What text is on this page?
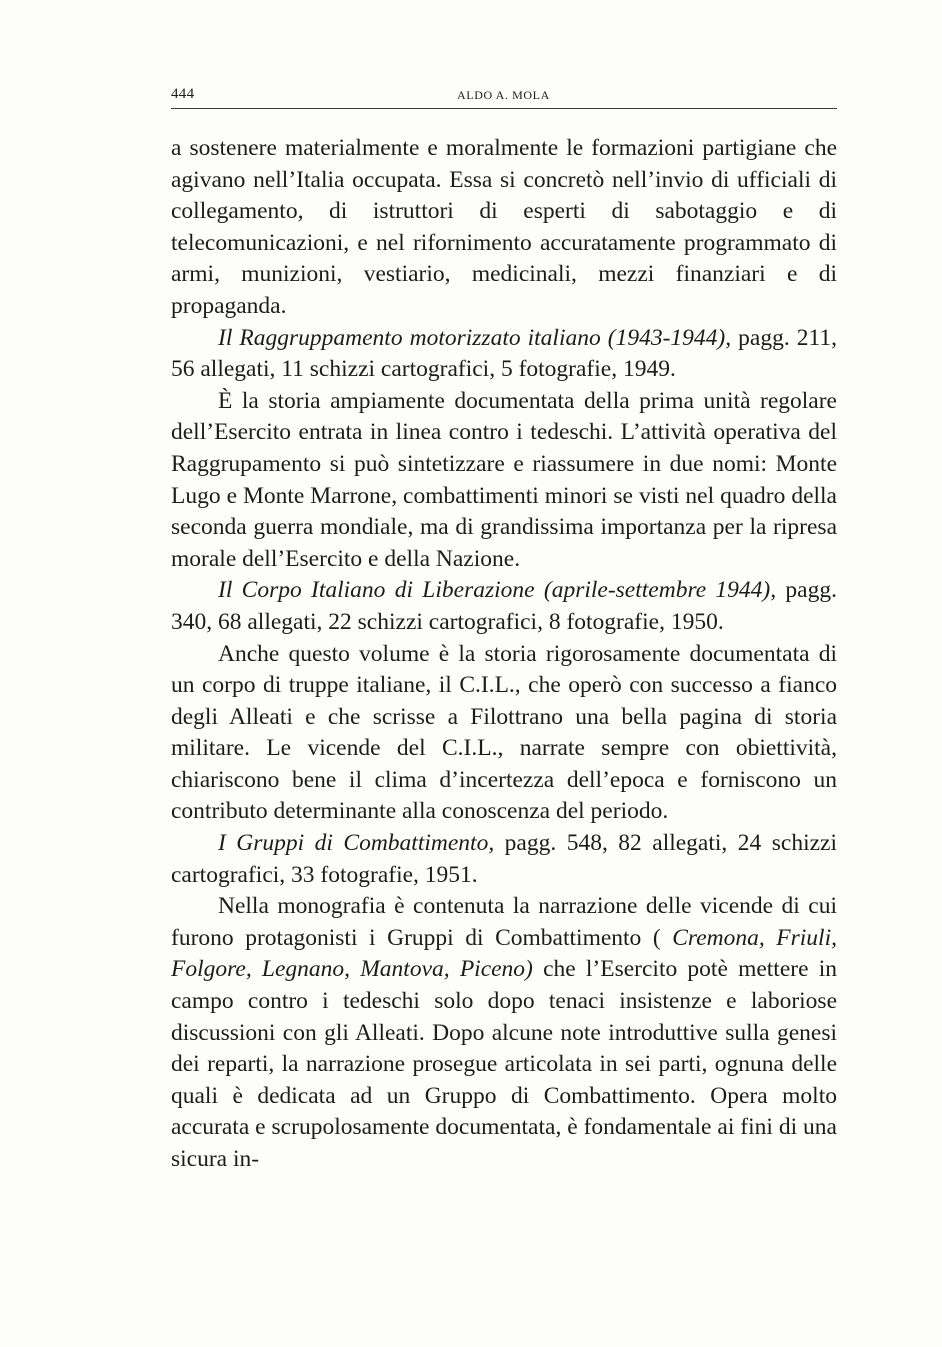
444	ALDO A. MOLA

a sostenere materialmente e moralmente le formazioni partigiane che agivano nell’Italia occupata. Essa si concretò nell’invio di ufficiali di collegamento, di istruttori di esperti di sabotaggio e di telecomunicazioni, e nel rifornimento accuratamente programmato di armi, munizioni, vestiario, medicinali, mezzi finanziari e di propaganda.

Il Raggruppamento motorizzato italiano (1943-1944), pagg. 211, 56 allegati, 11 schizzi cartografici, 5 fotografie, 1949.

È la storia ampiamente documentata della prima unità regolare dell’Esercito entrata in linea contro i tedeschi. L’attività operativa del Raggrupamento si può sintetizzare e riassumere in due nomi: Monte Lugo e Monte Marrone, combattimenti minori se visti nel quadro della seconda guerra mondiale, ma di grandissima importanza per la ripresa morale dell’Esercito e della Nazione.

Il Corpo Italiano di Liberazione (aprile-settembre 1944), pagg. 340, 68 allegati, 22 schizzi cartografici, 8 fotografie, 1950.

Anche questo volume è la storia rigorosamente documentata di un corpo di truppe italiane, il C.I.L., che operò con successo a fianco degli Alleati e che scrisse a Filottrano una bella pagina di storia militare. Le vicende del C.I.L., narrate sempre con obiettività, chiariscono bene il clima d’incertezza dell’epoca e forniscono un contributo determinante alla conoscenza del periodo.

I Gruppi di Combattimento, pagg. 548, 82 allegati, 24 schizzi cartografici, 33 fotografie, 1951.

Nella monografia è contenuta la narrazione delle vicende di cui furono protagonisti i Gruppi di Combattimento ( Cremona, Friuli, Folgore, Legnano, Mantova, Piceno) che l’Esercito potè mettere in campo contro i tedeschi solo dopo tenaci insistenze e laboriose discussioni con gli Alleati. Dopo alcune note introduttive sulla genesi dei reparti, la narrazione prosegue articolata in sei parti, ognuna delle quali è dedicata ad un Gruppo di Combattimento. Opera molto accurata e scrupolosamente documentata, è fondamentale ai fini di una sicura in-
